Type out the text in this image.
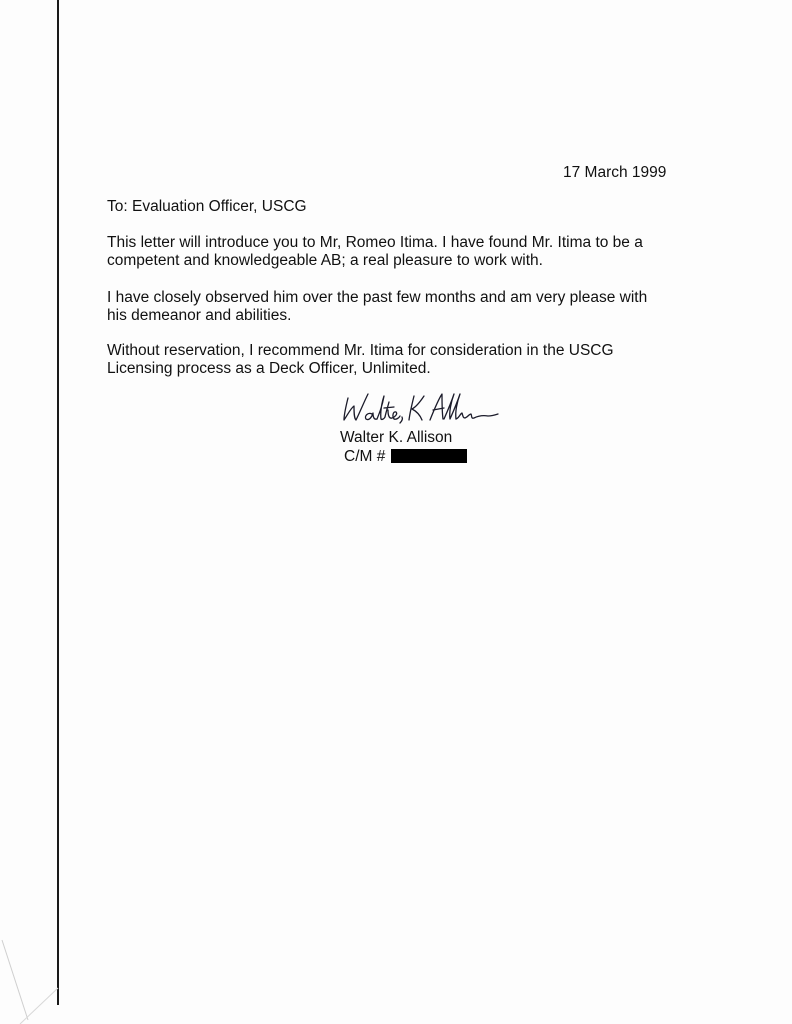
17 March 1999

To: Evaluation Officer, USCG

This letter will introduce you to Mr, Romeo Itima. I have found Mr. Itima to be a
competent and knowledgeable AB; a real pleasure to work with.
I have closely observed him over the past few months and am very please with
his demeanor and abilities.
Without reservation, I recommend Mr. Itima for consideration in the USCG
Licensing process as a Deck Officer, Unlimited.

Walter K. Allison

C/M #
